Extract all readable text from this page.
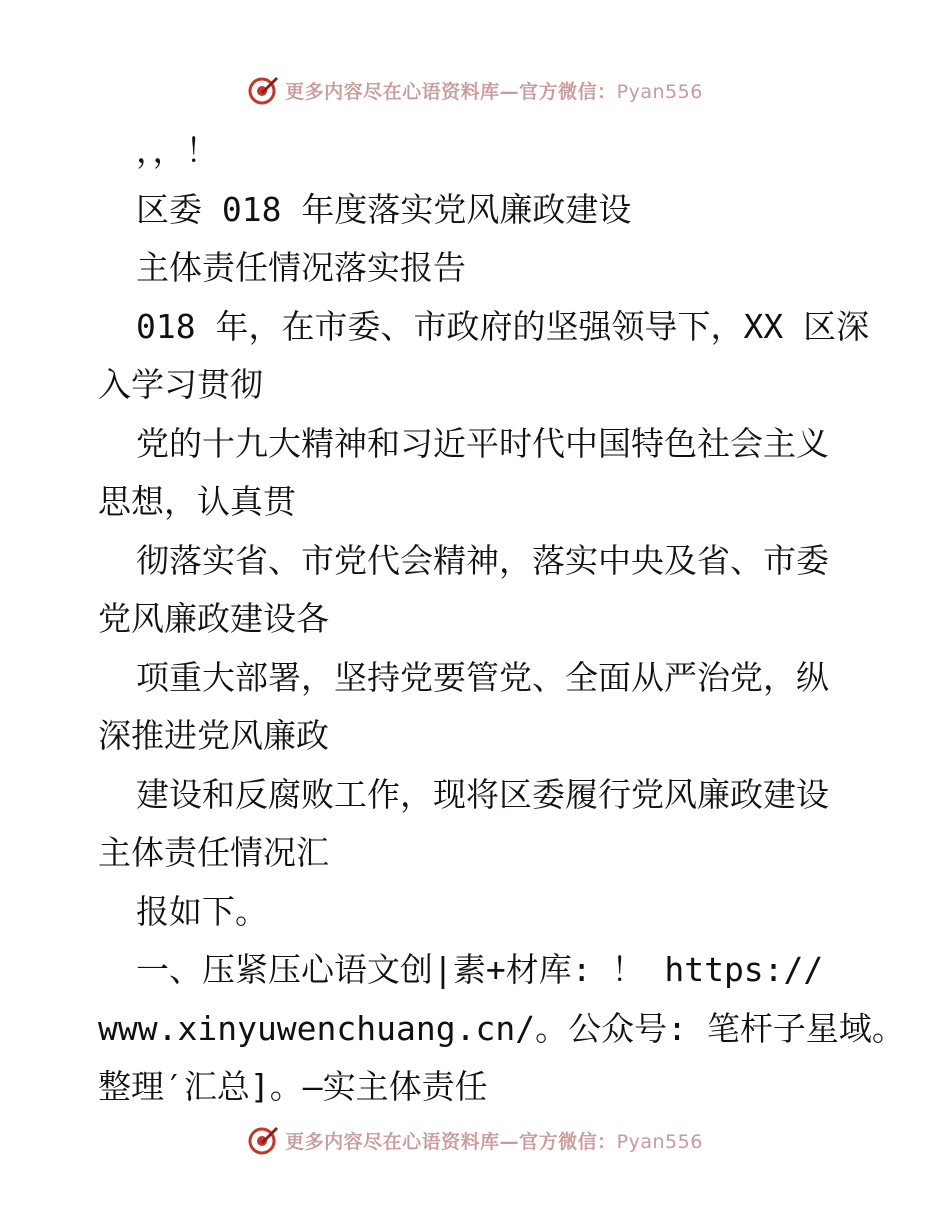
更多内容尽在心语资料库—官方微信：Pyan556
，，！
区委 018 年度落实党风廉政建设
主体责任情况落实报告
018 年，在市委、市政府的坚强领导下，XX 区深
入学习贯彻
党的十九大精神和习近平时代中国特色社会主义
思想，认真贯
彻落实省、市党代会精神，落实中央及省、市委
党风廉政建设各
项重大部署，坚持党要管党、全面从严治党，纵
深推进党风廉政
建设和反腐败工作，现将区委履行党风廉政建设
主体责任情况汇
报如下。
一、压紧压心语文创|素+材库: ！ https://
www.xinyuwenchuang.cn/。公众号: 笔杆子星域。
整理′汇总]。—实主体责任
更多内容尽在心语资料库—官方微信：Pyan556
